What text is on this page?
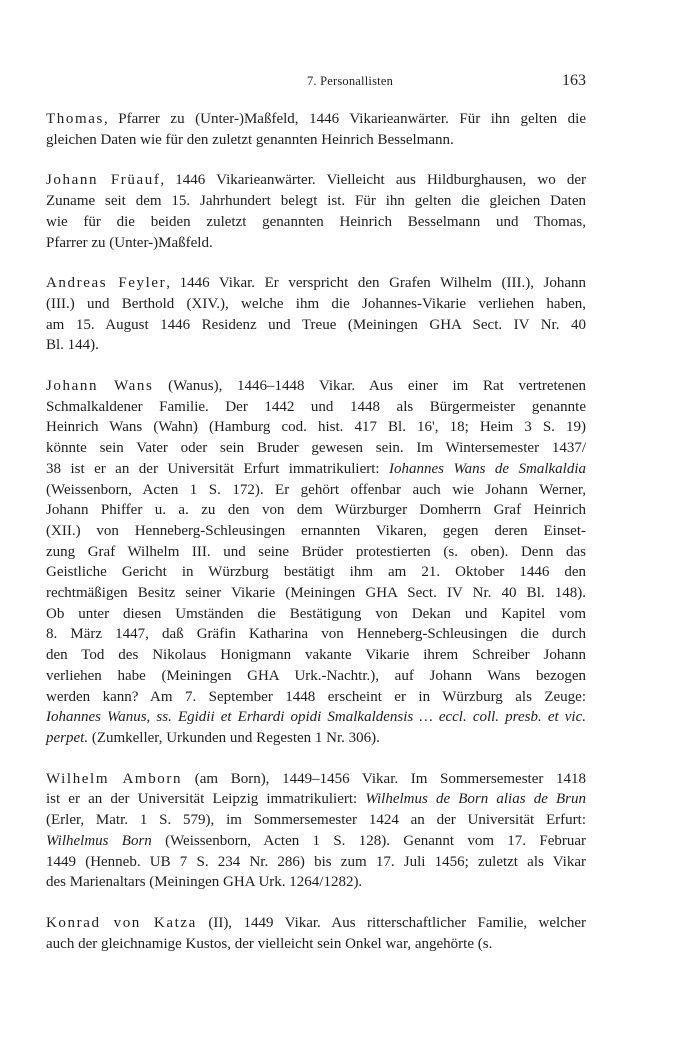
7. Personallisten	163

Thomas, Pfarrer zu (Unter-)Maßfeld, 1446 Vikarieanwärter. Für ihn gelten die
gleichen Daten wie für den zuletzt genannten Heinrich Besselmann.

Johann Früauf, 1446 Vikarieanwärter. Vielleicht aus Hildburghausen, wo der
Zuname seit dem 15. Jahrhundert belegt ist. Für ihn gelten die gleichen Daten
wie für die beiden zuletzt genannten Heinrich Besselmann und Thomas,
Pfarrer zu (Unter-)Maßfeld.

Andreas Feyler, 1446 Vikar. Er verspricht den Grafen Wilhelm (III.), Johann
(III.) und Berthold (XIV.), welche ihm die Johannes-Vikarie verliehen haben,
am 15. August 1446 Residenz und Treue (Meiningen GHA Sect. IV Nr. 40
Bl. 144).

Johann Wans (Wanus), 1446–1448 Vikar. Aus einer im Rat vertretenen
Schmalkaldener Familie. Der 1442 und 1448 als Bürgermeister genannte
Heinrich Wans (Wahn) (Hamburg cod. hist. 417 Bl. 16', 18; Heim 3 S. 19)
könnte sein Vater oder sein Bruder gewesen sein. Im Wintersemester 1437/
38 ist er an der Universität Erfurt immatrikuliert: Iohannes Wans de Smalkaldia
(Weissenborn, Acten 1 S. 172). Er gehört offenbar auch wie Johann Werner,
Johann Phiffer u. a. zu den von dem Würzburger Domherrn Graf Heinrich
(XII.) von Henneberg-Schleusingen ernannten Vikaren, gegen deren Einset-
zung Graf Wilhelm III. und seine Brüder protestierten (s. oben). Denn das
Geistliche Gericht in Würzburg bestätigt ihm am 21. Oktober 1446 den
rechtmäßigen Besitz seiner Vikarie (Meiningen GHA Sect. IV Nr. 40 Bl. 148).
Ob unter diesen Umständen die Bestätigung von Dekan und Kapitel vom
8. März 1447, daß Gräfin Katharina von Henneberg-Schleusingen die durch
den Tod des Nikolaus Honigmann vakante Vikarie ihrem Schreiber Johann
verliehen habe (Meiningen GHA Urk.-Nachtr.), auf Johann Wans bezogen
werden kann? Am 7. September 1448 erscheint er in Würzburg als Zeuge:
Iohannes Wanus, ss. Egidii et Erhardi opidi Smalkaldensis … eccl. coll. presb. et vic.
perpet. (Zumkeller, Urkunden und Regesten 1 Nr. 306).

Wilhelm Amborn (am Born), 1449–1456 Vikar. Im Sommersemester 1418
ist er an der Universität Leipzig immatrikuliert: Wilhelmus de Born alias de Brun
(Erler, Matr. 1 S. 579), im Sommersemester 1424 an der Universität Erfurt:
Wilhelmus Born (Weissenborn, Acten 1 S. 128). Genannt vom 17. Februar
1449 (Henneb. UB 7 S. 234 Nr. 286) bis zum 17. Juli 1456; zuletzt als Vikar
des Marienaltars (Meiningen GHA Urk. 1264/1282).

Konrad von Katza (II), 1449 Vikar. Aus ritterschaftlicher Familie, welcher
auch der gleichnamige Kustos, der vielleicht sein Onkel war, angehörte (s.
